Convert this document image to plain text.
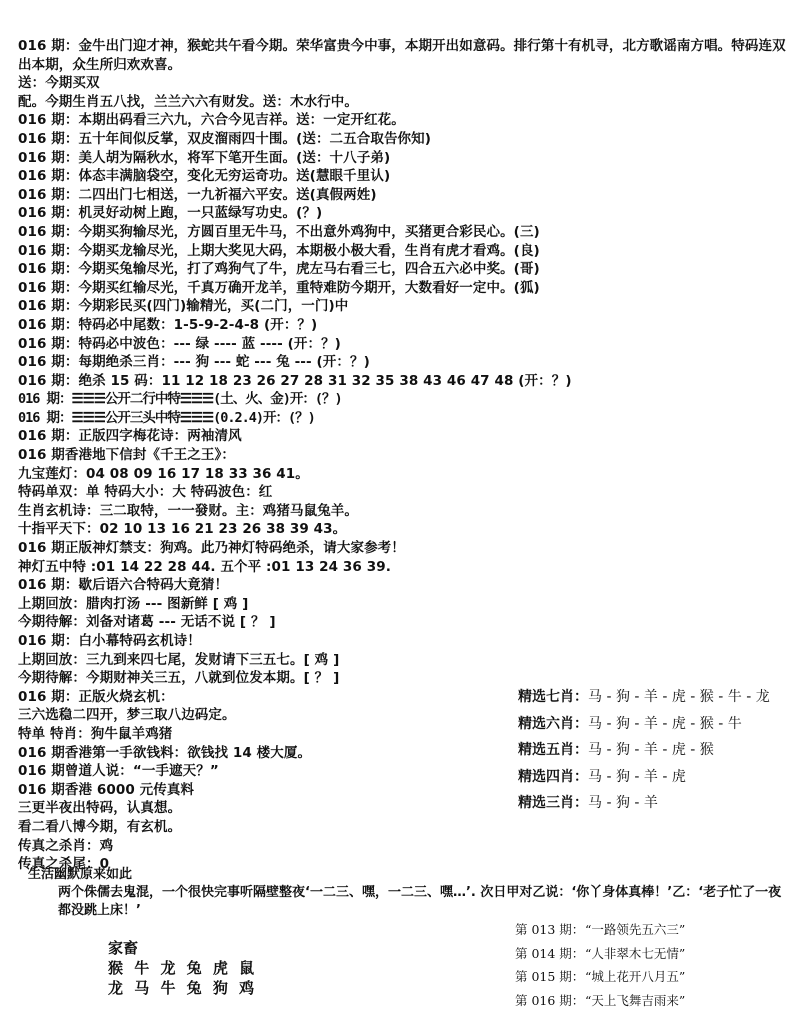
016 期：金牛出门迎才神，猴蛇共午看今期。荣华富贵今中事，本期开出如意码。排行第十有机寻，北方歌谣南方唱。特码连双出本期，众生所归欢欢喜。
送：今期买双
配。今期生肖五八找，兰兰六六有财发。送：木水行中。
016 期：本期出码看三六九，六合今见吉祥。送：一定开红花。
016 期：五十年间似反掌，双皮溜雨四十围。(送：二五合取告你知)
016 期：美人胡为隔秋水，将军下笔开生面。(送：十八子弟)
016 期：体态丰满脑袋空，变化无穷运奇功。送(慧眼千里认)
016 期：二四出门七相送，一九祈福六平安。送(真假两姓)
016 期：机灵好动树上跑，一只蓝绿写功史。(？)
016 期：今期买狗输尽光，方圆百里无牛马，不出意外鸡狗中，买猪更合彩民心。(三)
016 期：今期买龙输尽光，上期大奖见大码，本期极小极大看，生肖有虎才看鸡。(良)
016 期：今期买兔输尽光，打了鸡狗气了牛，虎左马右看三七，四合五六必中奖。(哥)
016 期：今期买红输尽光，千真万确开龙羊，重特难防今期开，大数看好一定中。(狐)
016 期：今期彩民买(四门)输精光，买(二门，一门)中
016 期：特码必中尾数：1-5-9-2-4-8 (开：？)
016 期：特码必中波色：--- 绿 ---- 蓝 ---- (开：？)
016 期：每期绝杀三肖：--- 狗 --- 蛇 --- 兔 --- (开：？)
016 期：绝杀 15 码：11 12 18 23 26 27 28 31 32 35 38 43 46 47 48 (开：？)
016 期：☰☰☰公开二行中特☰☰☰(土、火、金)开：(？)
016 期：☰☰☰公开三头中特☰☰☰(0.2.4)开：(？)
016 期：正版四字梅花诗：两袖清风
016 期香港地下信封《千王之王》：
九宝莲灯：04 08 09 16 17 18 33 36 41。
特码单双：单 特码大小：大 特码波色：红
生肖玄机诗：三二取特，一一發财。主：鸡猪马鼠兔羊。
十指平天下：02 10 13 16 21 23 26 38 39 43。
016 期正版神灯禁支：狗鸡。此乃神灯特码绝杀，请大家参考！
神灯五中特 :01 14 22 28 44. 五个平 :01 13 24 36 39.
016 期：歇后语六合特码大竟猜！
上期回放：腊肉打汤 --- 图新鲜 [ 鸡 ]
今期待解：刘备对诸葛 --- 无话不说 [ ？ ]
016 期：白小幕特码玄机诗！
上期回放：三九到来四七尾，发财请下三五七。[ 鸡 ]
今期待解：今期财神关三五，八就到位发本期。[ ？ ]
016 期：正版火烧玄机：
三六选稳二四开，梦三取八边码定。
特单 特肖：狗牛鼠羊鸡猪
016 期香港第一手欲钱料：欲钱找 14 楼大厦。
016 期曾道人说：“一手遮天？”
016 期香港 6000 元传真料
三更半夜出特码，认真想。
看二看八博今期，有玄机。
传真之杀肖：鸡
传真之杀尾：0
精选七肖：马 - 狗 - 羊 - 虎 - 猴 - 牛 - 龙
精选六肖：马 - 狗 - 羊 - 虎 - 猴 - 牛
精选五肖：马 - 狗 - 羊 - 虎 - 猴
精选四肖：马 - 狗 - 羊 - 虎
精选三肖：马 - 狗 - 羊
生活幽默原来如此
两个侏儒去鬼混，一个很快完事听隔壁整夜‘一二三、嘿，一二三、嘿…’. 次日甲对乙说：‘你丫身体真棒！’乙：‘老子忙了一夜都没跳上床！’
家畜
猴 牛 龙 兔 虎 鼠
龙 马 牛 兔 狗 鸡
第 013 期：“一路领先五六三”
第 014 期：“人非翠木七无情”
第 015 期：“城上花开八月五”
第 016 期：“天上飞舞吉雨来”
